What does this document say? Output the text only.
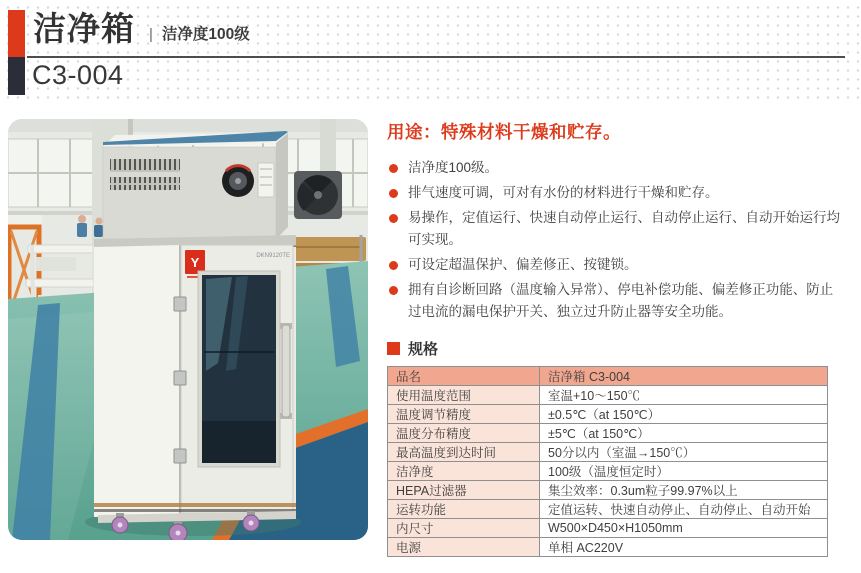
洁净箱 | 洁净度100级
C3-004
Y	DKN9120TE
用途：特殊材料干燥和贮存。
洁净度100级。
排气速度可调，可对有水份的材料进行干燥和贮存。
易操作，定值运行、快速自动停止运行、自动停止运行、自动开始运行均可实现。
可设定超温保护、偏差修正、按键锁。
拥有自诊断回路（温度输入异常）、停电补偿功能、偏差修正功能、防止过电流的漏电保护开关、独立过升防止器等安全功能。
规格
品名	洁净箱 C3-004
使用温度范围	室温+10～150℃
温度调节精度	±0.5℃（at 150℃）
温度分布精度	±5℃（at 150℃）
最高温度到达时间	50分以内（室温→150℃）
洁净度	100级（温度恒定时）
HEPA过滤器	集尘效率：0.3um粒子99.97%以上
运转功能	定值运转、快速自动停止、自动停止、自动开始
内尺寸	W500×D450×H1050mm
电源	单相 AC220V
